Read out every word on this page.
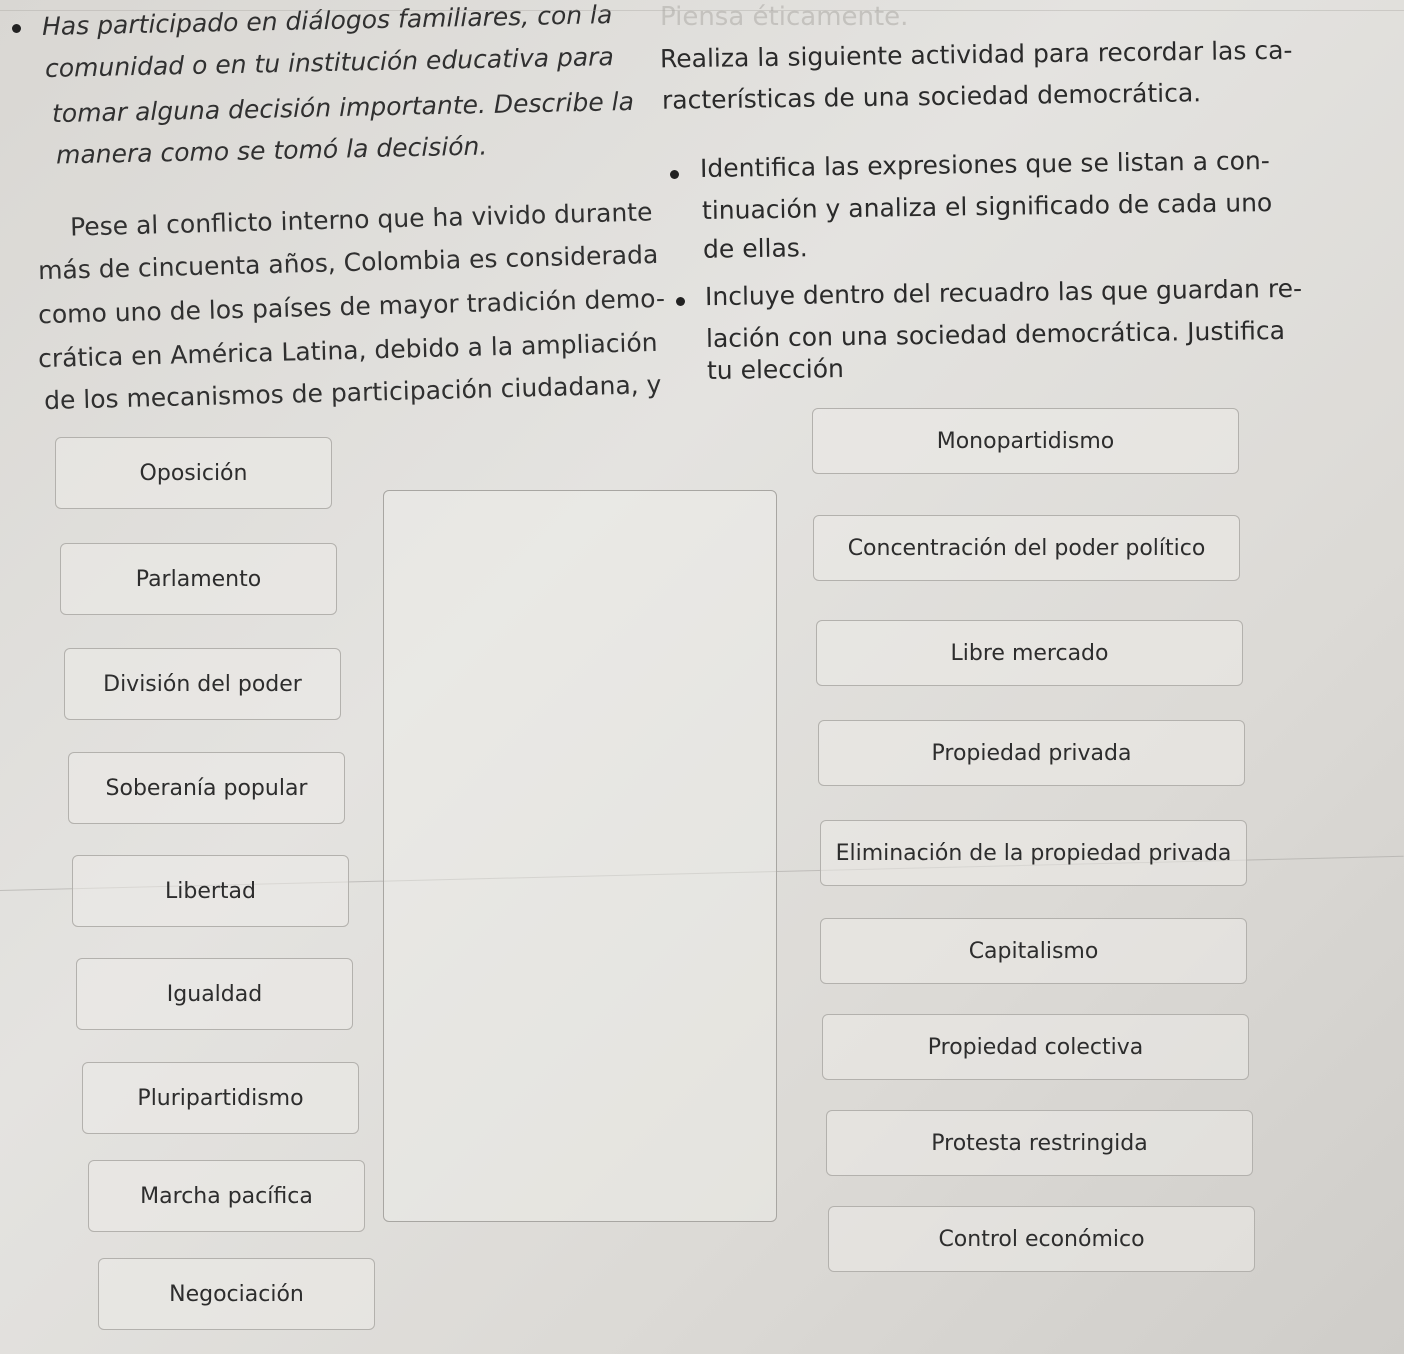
Piensa éticamente.
Has participado en diálogos familiares, con la
comunidad o en tu institución educativa para
tomar alguna decisión importante. Describe la
manera como se tomó la decisión.
Pese al conflicto interno que ha vivido durante
más de cincuenta años, Colombia es considerada
como uno de los países de mayor tradición demo-
crática en América Latina, debido a la ampliación
de los mecanismos de participación ciudadana, y
Realiza la siguiente actividad para recordar las ca-
racterísticas de una sociedad democrática.
Identifica las expresiones que se listan a con-
tinuación y analiza el significado de cada uno
de ellas.
Incluye dentro del recuadro las que guardan re-
lación con una sociedad democrática. Justifica
tu elección
Oposición
Parlamento
División del poder
Soberanía popular
Libertad
Igualdad
Pluripartidismo
Marcha pacífica
Negociación
Monopartidismo
Concentración del poder político
Libre mercado
Propiedad privada
Eliminación de la propiedad privada
Capitalismo
Propiedad colectiva
Protesta restringida
Control económico
